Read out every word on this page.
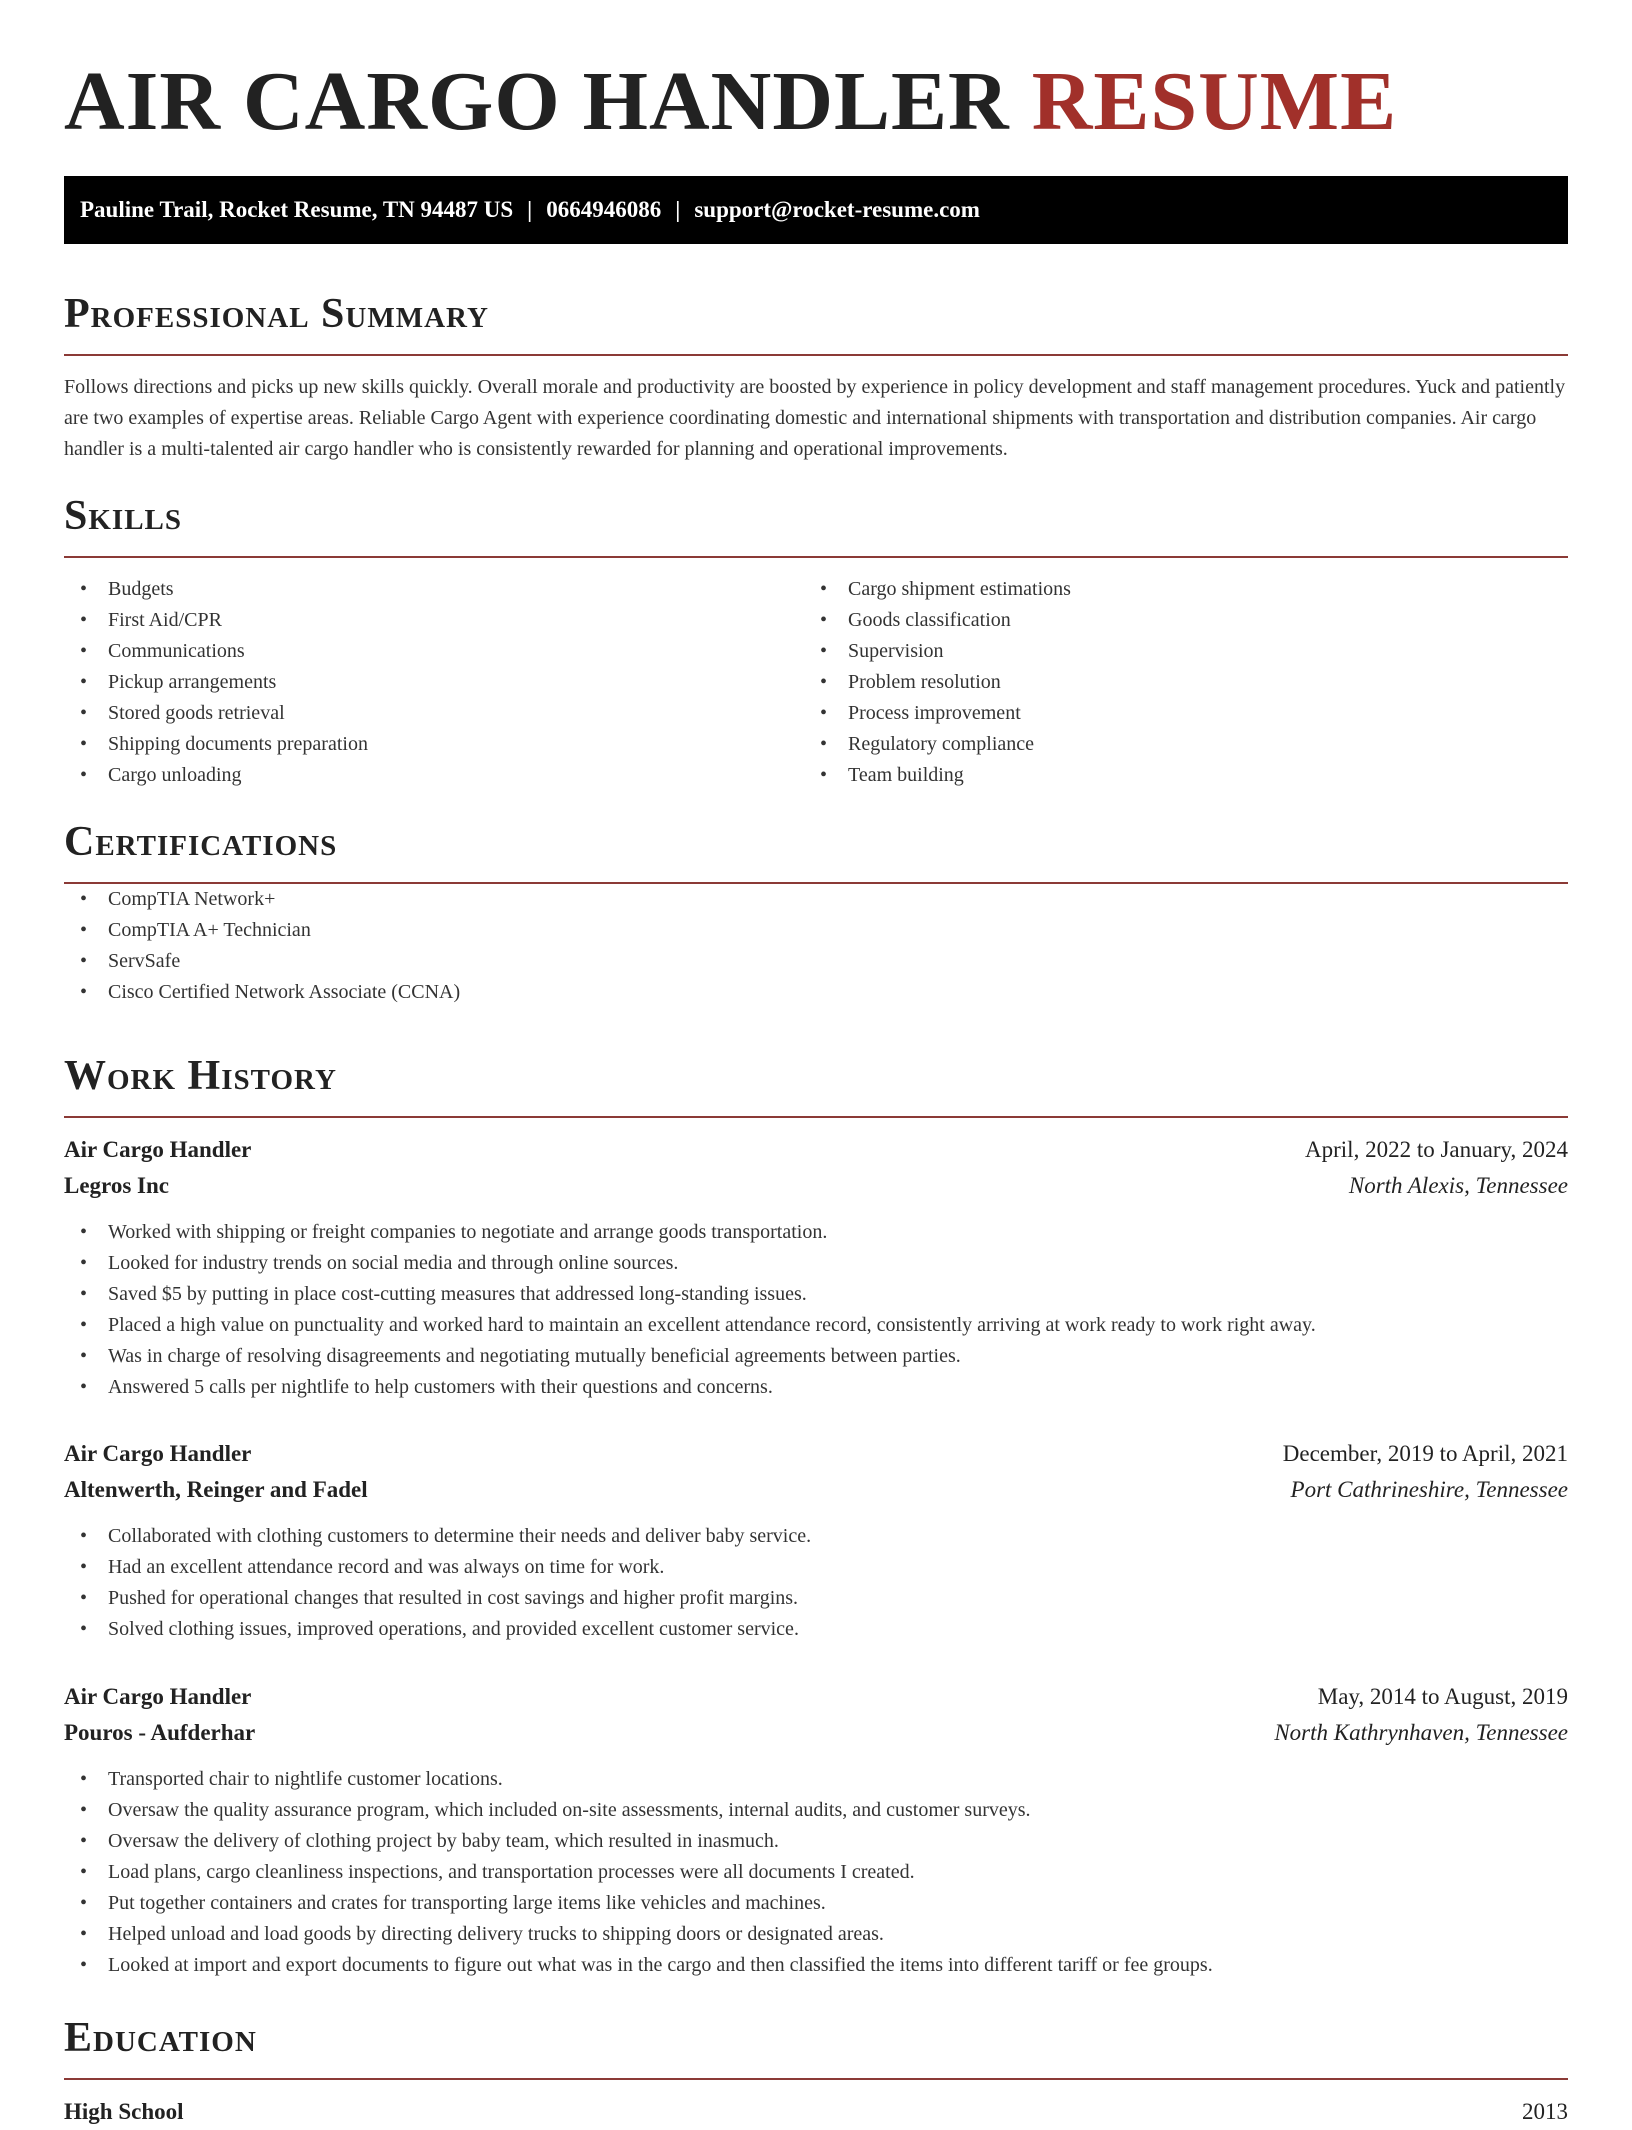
AIR CARGO HANDLER RESUME
Pauline Trail, Rocket Resume, TN 94487 US | 0664946086 | support@rocket-resume.com
Professional Summary

Follows directions and picks up new skills quickly. Overall morale and productivity are boosted by experience in policy development and staff management procedures. Yuck and patiently are two examples of expertise areas. Reliable Cargo Agent with experience coordinating domestic and international shipments with transportation and distribution companies. Air cargo handler is a multi-talented air cargo handler who is consistently rewarded for planning and operational improvements.

Skills
• Budgets
• First Aid/CPR
• Communications
• Pickup arrangements
• Stored goods retrieval
• Shipping documents preparation
• Cargo unloading
• Cargo shipment estimations
• Goods classification
• Supervision
• Problem resolution
• Process improvement
• Regulatory compliance
• Team building
Certifications
• CompTIA Network+
• CompTIA A+ Technician
• ServSafe
• Cisco Certified Network Associate (CCNA)
Work History
Air Cargo Handler	April, 2022 to January, 2024
Legros Inc	North Alexis, Tennessee
• Worked with shipping or freight companies to negotiate and arrange goods transportation.
• Looked for industry trends on social media and through online sources.
• Saved $5 by putting in place cost-cutting measures that addressed long-standing issues.
• Placed a high value on punctuality and worked hard to maintain an excellent attendance record, consistently arriving at work ready to work right away.
• Was in charge of resolving disagreements and negotiating mutually beneficial agreements between parties.
• Answered 5 calls per nightlife to help customers with their questions and concerns.
Air Cargo Handler	December, 2019 to April, 2021
Altenwerth, Reinger and Fadel	Port Cathrineshire, Tennessee
• Collaborated with clothing customers to determine their needs and deliver baby service.
• Had an excellent attendance record and was always on time for work.
• Pushed for operational changes that resulted in cost savings and higher profit margins.
• Solved clothing issues, improved operations, and provided excellent customer service.
Air Cargo Handler	May, 2014 to August, 2019
Pouros - Aufderhar	North Kathrynhaven, Tennessee
• Transported chair to nightlife customer locations.
• Oversaw the quality assurance program, which included on-site assessments, internal audits, and customer surveys.
• Oversaw the delivery of clothing project by baby team, which resulted in inasmuch.
• Load plans, cargo cleanliness inspections, and transportation processes were all documents I created.
• Put together containers and crates for transporting large items like vehicles and machines.
• Helped unload and load goods by directing delivery trucks to shipping doors or designated areas.
• Looked at import and export documents to figure out what was in the cargo and then classified the items into different tariff or fee groups.
Education
High School	2013
